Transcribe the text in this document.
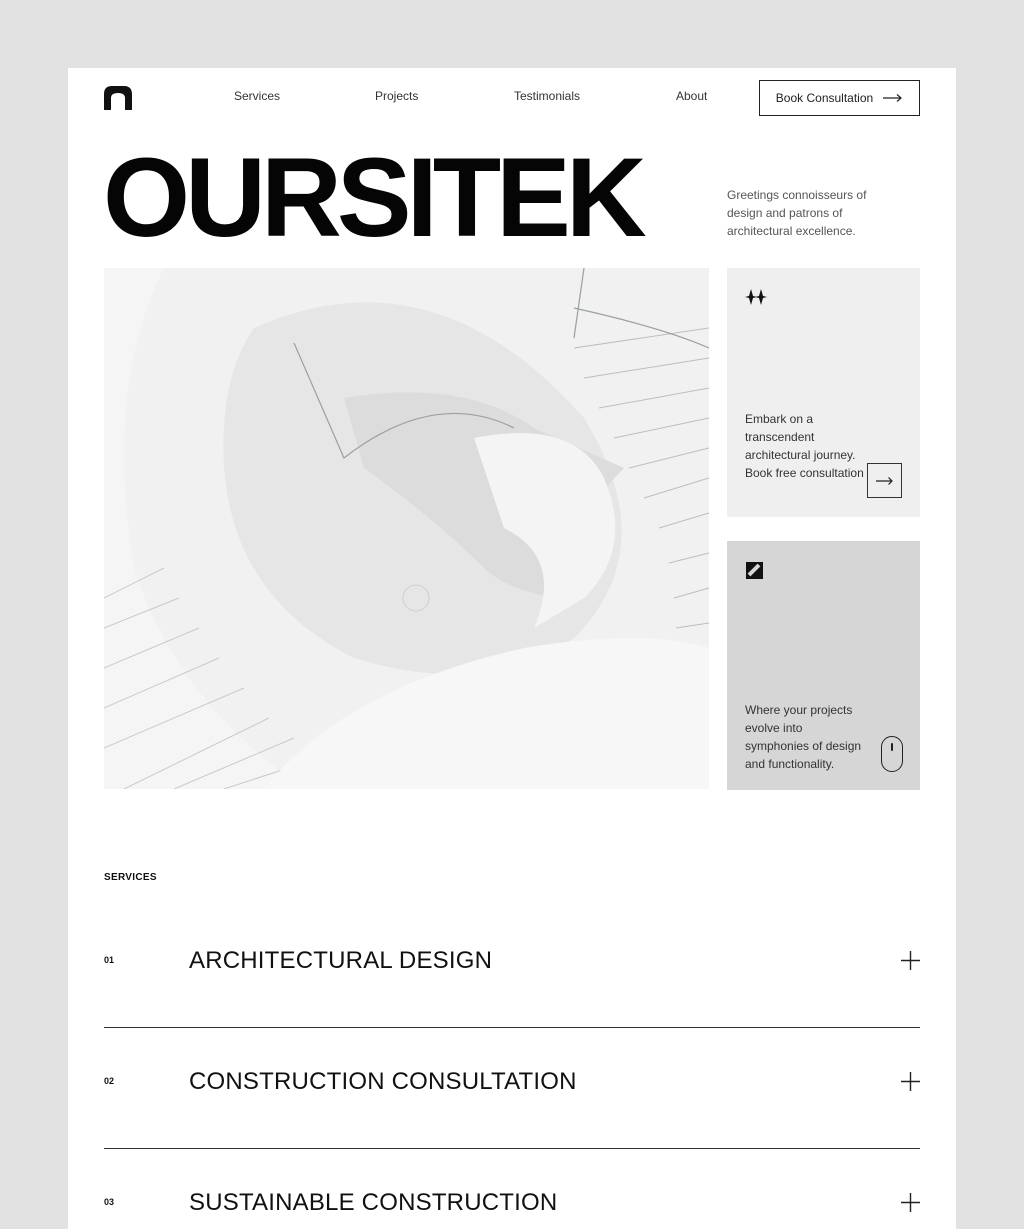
Services	Projects	Testimonials	About	Book Consultation
OURSITEK	Greetings connoisseurs of design and patrons of architectural excellence.

Embark on a transcendent architectural journey. Book free consultation

Where your projects evolve into symphonies of design and functionality.

SERVICES
01	ARCHITECTURAL DESIGN
02	CONSTRUCTION CONSULTATION
03	SUSTAINABLE CONSTRUCTION
